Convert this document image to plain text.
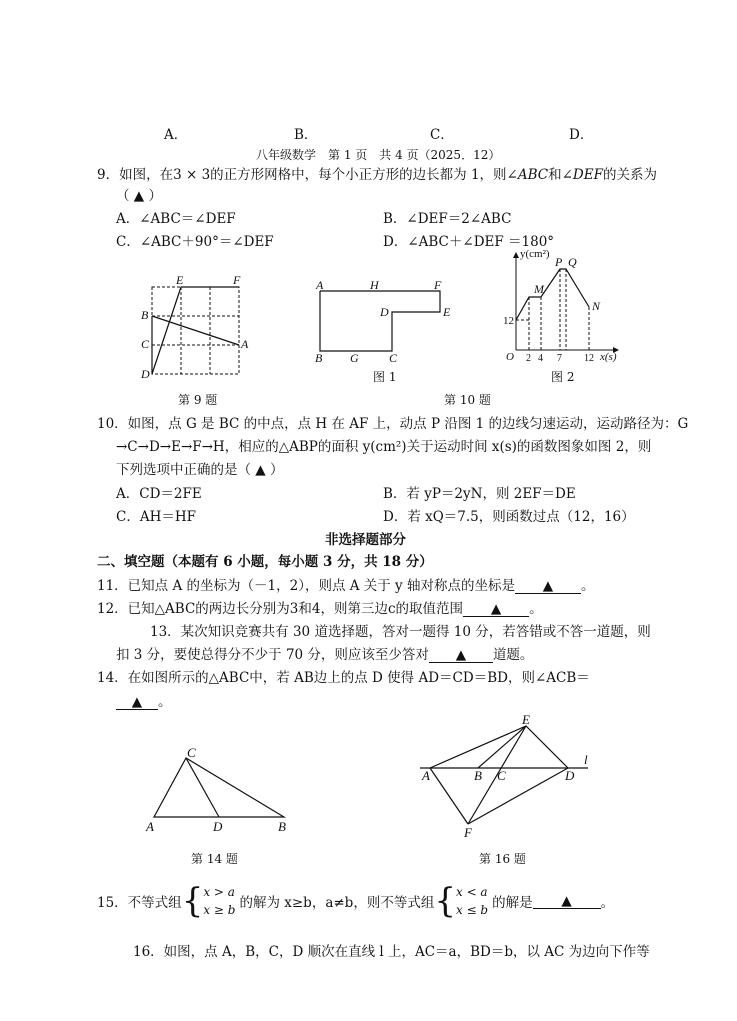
A．	B．	C．	D．
八年级数学　第 1 页　共 4 页（2025．12）
9．如图，在3 × 3的正方形网格中，每个小正方形的边长都为 1，则∠ABC和∠DEF的关系为
（ ▲ ）
A．∠ABC＝∠DEF	B．∠DEF＝2∠ABC
C．∠ABC＋90°＝∠DEF	D．∠ABC＋∠DEF ＝180°
E	F
B
C	A
D
第 9 题
A	H	F
D	E
B G	C
图 1
y(cm²)
x(s)
O
12
2 4 7 12
M
P Q
N
图 2
第 10 题
10．如图，点 G 是 BC 的中点，点 H 在 AF 上，动点 P 沿图 1 的边线匀速运动，运动路径为：G
→C→D→E→F→H，相应的△ABP的面积 y(cm²)关于运动时间 x(s)的函数图象如图 2，则
下列选项中正确的是（ ▲ ）
A．CD＝2FE	B．若 yP＝2yN，则 2EF＝DE
C．AH＝HF	D．若 xQ＝7.5，则函数过点（12，16）
非选择题部分
二、填空题（本题有 6 小题，每小题 3 分，共 18 分）
11．已知点 A 的坐标为（－1，2），则点 A 关于 y 轴对称点的坐标是 ▲ 。
12．已知△ABC的两边长分别为3和4，则第三边c的取值范围 ▲ 。
13．某次知识竞赛共有 30 道选择题，答对一题得 10 分，若答错或不答一道题，则
扣 3 分，要使总得分不少于 70 分，则应该至少答对 ▲ 道题。
14．在如图所示的△ABC中，若 AB边上的点 D 使得 AD＝CD＝BD，则∠ACB＝
▲ 。
C
A	D	B
第 14 题
E
l
A	B C	D
F
第 16 题
15．不等式组 { x > a
x ≥ b 的解为 x≥b，a≠b，则不等式组 { x < a
x ≤ b 的解是	▲	。
16．如图，点 A，B，C，D 顺次在直线 l 上，AC＝a，BD＝b，以 AC 为边向下作等
